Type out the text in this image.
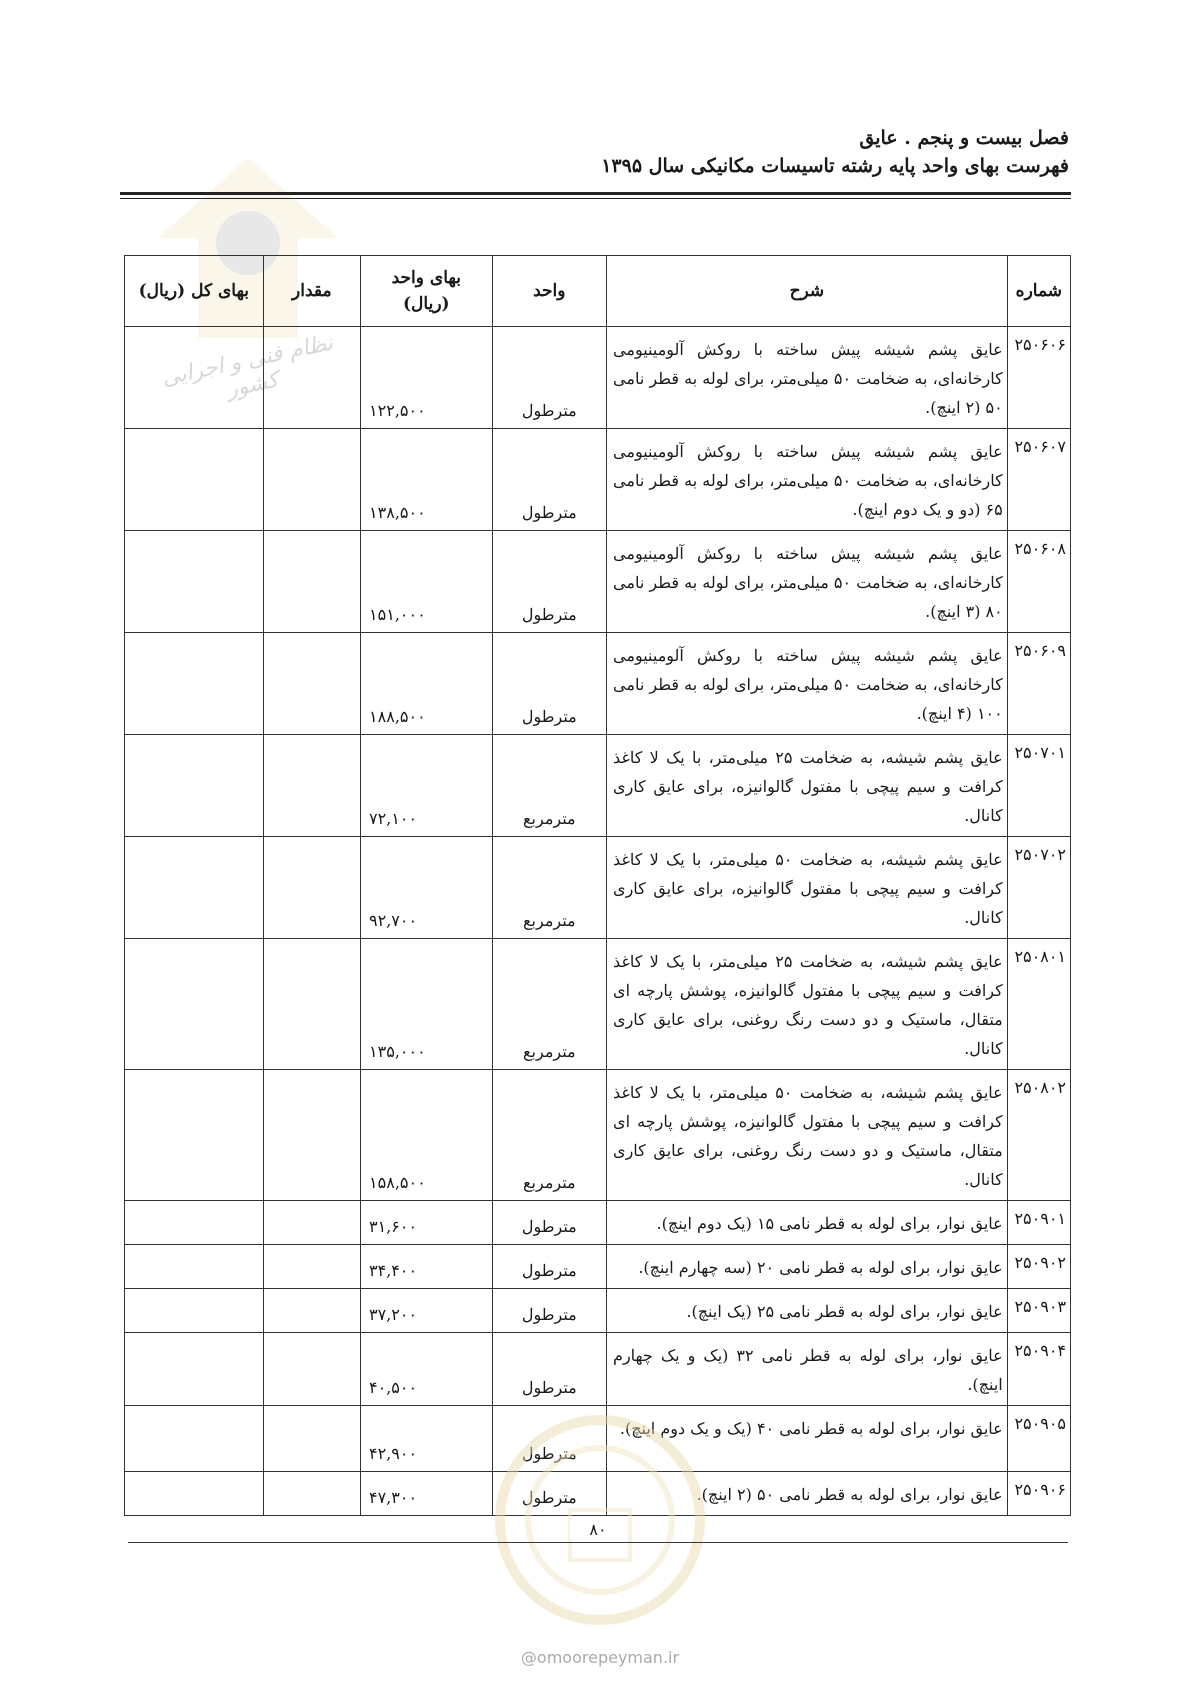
نظام فنی و اجرایی کشور
فصل بیست و پنجم . عایق
فهرست بهای واحد پایه رشته تاسیسات مکانیکی سال ۱۳۹۵
شماره	شرح	واحد	بهای واحد
(ریال)	مقدار	بهای کل (ریال)
۲۵۰۶۰۶	عایق پشم شیشه پیش ساخته با روکش آلومینیومی کارخانه‌ای، به ضخامت ۵۰ میلی‌متر، برای لوله به قطر نامی ۵۰ (۲ اینچ).	مترطول	۱۲۲,۵۰۰		
۲۵۰۶۰۷	عایق پشم شیشه پیش ساخته با روکش آلومینیومی کارخانه‌ای، به ضخامت ۵۰ میلی‌متر، برای لوله به قطر نامی ۶۵ (دو و یک دوم اینچ).	مترطول	۱۳۸,۵۰۰		
۲۵۰۶۰۸	عایق پشم شیشه پیش ساخته با روکش آلومینیومی کارخانه‌ای، به ضخامت ۵۰ میلی‌متر، برای لوله به قطر نامی ۸۰ (۳ اینچ).	مترطول	۱۵۱,۰۰۰		
۲۵۰۶۰۹	عایق پشم شیشه پیش ساخته با روکش آلومینیومی کارخانه‌ای، به ضخامت ۵۰ میلی‌متر، برای لوله به قطر نامی ۱۰۰ (۴ اینچ).	مترطول	۱۸۸,۵۰۰		
۲۵۰۷۰۱	عایق پشم شیشه، به ضخامت ۲۵ میلی‌متر، با یک لا کاغذ کرافت و سیم پیچی با مفتول گالوانیزه، برای عایق کاری کانال.	مترمربع	۷۲,۱۰۰		
۲۵۰۷۰۲	عایق پشم شیشه، به ضخامت ۵۰ میلی‌متر، با یک لا کاغذ کرافت و سیم پیچی با مفتول گالوانیزه، برای عایق کاری کانال.	مترمربع	۹۲,۷۰۰		
۲۵۰۸۰۱	عایق پشم شیشه، به ضخامت ۲۵ میلی‌متر، با یک لا کاغذ کرافت و سیم پیچی با مفتول گالوانیزه، پوشش پارچه ای متقال، ماستیک و دو دست رنگ روغنی، برای عایق کاری کانال.	مترمربع	۱۳۵,۰۰۰		
۲۵۰۸۰۲	عایق پشم شیشه، به ضخامت ۵۰ میلی‌متر، با یک لا کاغذ کرافت و سیم پیچی با مفتول گالوانیزه، پوشش پارچه ای متقال، ماستیک و دو دست رنگ روغنی، برای عایق کاری کانال.	مترمربع	۱۵۸,۵۰۰		
۲۵۰۹۰۱	عایق نوار، برای لوله به قطر نامی ۱۵ (یک دوم اینچ).	مترطول	۳۱,۶۰۰		
۲۵۰۹۰۲	عایق نوار، برای لوله به قطر نامی ۲۰ (سه چهارم اینچ).	مترطول	۳۴,۴۰۰		
۲۵۰۹۰۳	عایق نوار، برای لوله به قطر نامی ۲۵ (یک اینچ).	مترطول	۳۷,۲۰۰		
۲۵۰۹۰۴	عایق نوار، برای لوله به قطر نامی ۳۲ (یک و یک چهارم اینچ).	مترطول	۴۰,۵۰۰		
۲۵۰۹۰۵	عایق نوار، برای لوله به قطر نامی ۴۰ (یک و یک دوم اینچ).	مترطول	۴۲,۹۰۰		
۲۵۰۹۰۶	عایق نوار، برای لوله به قطر نامی ۵۰ (۲ اینچ).	مترطول	۴۷,۳۰۰		
۸۰
@omoorepeyman.ir
